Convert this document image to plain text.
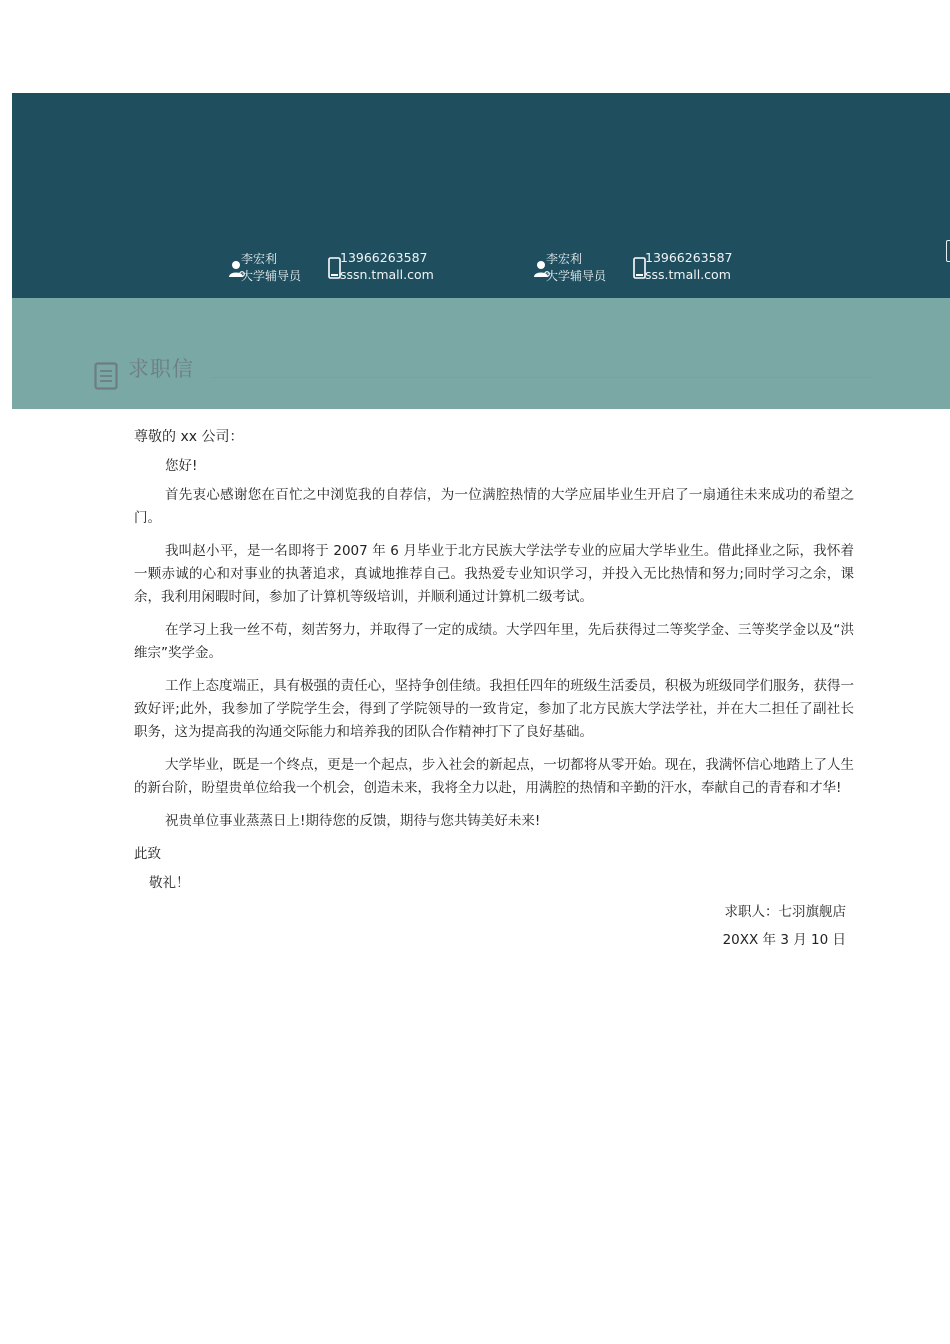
李宏利
大学辅导员
13966263587
sssn.tmall.com
李宏利
大学辅导员
13966263587
sss.tmall.com
求职信

尊敬的 xx 公司：

您好!

首先衷心感谢您在百忙之中浏览我的自荐信，为一位满腔热情的大学应届毕业生开启了一扇通往未来成功的希望之门。

我叫赵小平，是一名即将于 2007 年 6 月毕业于北方民族大学法学专业的应届大学毕业生。借此择业之际，我怀着一颗赤诚的心和对事业的执著追求，真诚地推荐自己。我热爱专业知识学习，并投入无比热情和努力;同时学习之余，课余，我利用闲暇时间，参加了计算机等级培训，并顺利通过计算机二级考试。

在学习上我一丝不苟，刻苦努力，并取得了一定的成绩。大学四年里，先后获得过二等奖学金、三等奖学金以及“洪维宗”奖学金。

工作上态度端正，具有极强的责任心，坚持争创佳绩。我担任四年的班级生活委员，积极为班级同学们服务，获得一致好评;此外，我参加了学院学生会，得到了学院领导的一致肯定，参加了北方民族大学法学社，并在大二担任了副社长职务，这为提高我的沟通交际能力和培养我的团队合作精神打下了良好基础。

大学毕业，既是一个终点，更是一个起点，步入社会的新起点，一切都将从零开始。现在，我满怀信心地踏上了人生的新台阶，盼望贵单位给我一个机会，创造未来，我将全力以赴，用满腔的热情和辛勤的汗水，奉献自己的青春和才华!

祝贵单位事业蒸蒸日上!期待您的反馈，期待与您共铸美好未来!

此致

敬礼！

求职人：七羽旗舰店

20XX 年 3 月 10 日
